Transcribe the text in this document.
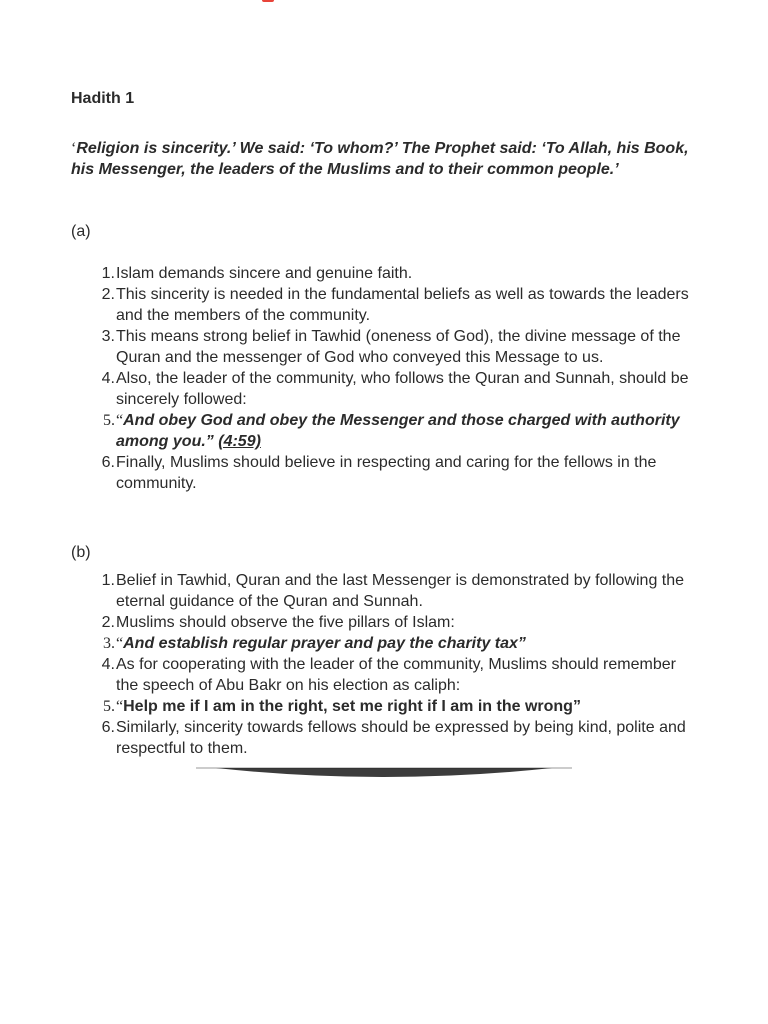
Hadith 1

‘Religion is sincerity.’ We said: ‘To whom?’ The Prophet said: ‘To Allah, his Book, his Messenger, the leaders of the Muslims and to their common people.’

(a)

1. Islam demands sincere and genuine faith.
2. This sincerity is needed in the fundamental beliefs as well as towards the leaders and the members of the community.
3. This means strong belief in Tawhid (oneness of God), the divine message of the Quran and the messenger of God who conveyed this Message to us.
4. Also, the leader of the community, who follows the Quran and Sunnah, should be sincerely followed:
5. “And obey God and obey the Messenger and those charged with authority among you.” (4:59)
6. Finally, Muslims should believe in respecting and caring for the fellows in the community.

(b)

1. Belief in Tawhid, Quran and the last Messenger is demonstrated by following the eternal guidance of the Quran and Sunnah.
2. Muslims should observe the five pillars of Islam:
3. “And establish regular prayer and pay the charity tax”
4. As for cooperating with the leader of the community, Muslims should remember the speech of Abu Bakr on his election as caliph:
5. “Help me if I am in the right, set me right if I am in the wrong”
6. Similarly, sincerity towards fellows should be expressed by being kind, polite and respectful to them.
